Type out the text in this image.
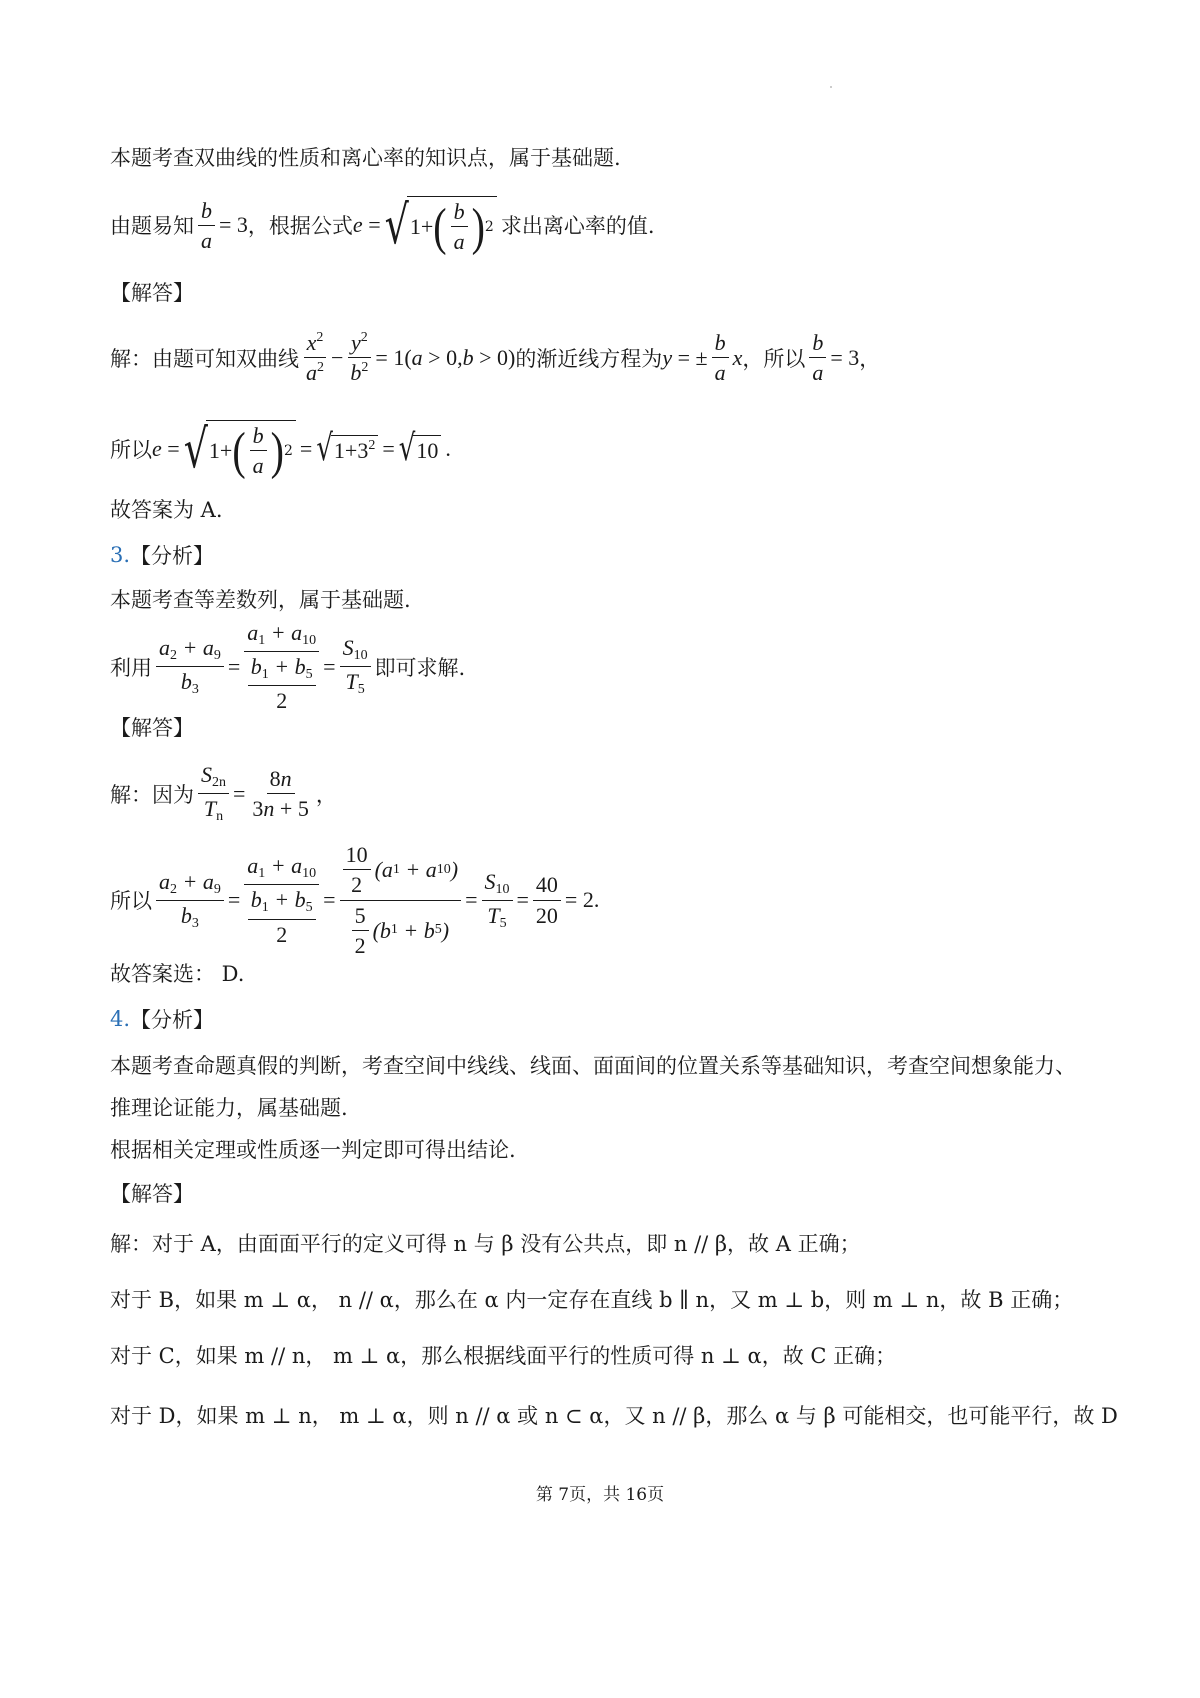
本题考查双曲线的性质和离心率的知识点，属于基础题.
由题易知 $\frac{b}{a} = 3$ ，根据公式 e = √ 1+ ( $\frac{b}{a}$ ) 2 求出离心率的值.
【解答】
解：由题可知双曲线 $\frac{x^2}{a^2} - \frac{y^2}{b^2} = 1(a > 0,b > 0)$ 的渐近线方程为 y = ± $\frac{b}{a}$ x ，所以 $\frac{b}{a} = 3$ ，
所以 e = √ 1+ ( $\frac{b}{a}$ ) 2 = √ $1+3^2$ = √ 10 .
故答案为 A.
3. 【分析】
本题考查等差数列，属于基础题.
利用 $\frac{a_2 + a_9}{b_3} = \frac{a_1 + a_{10}}{\frac{b_1 + b_5}{2}} = \frac{S_{10}}{T_5}$ 即可求解.
【解答】
解：因为 $\frac{S_{2n}}{T_n} = \frac{8n}{3n + 5}$ ，
所以 $\frac{a_2 + a_9}{b_3} = \frac{a_1 + a_{10}}{\frac{b_1 + b_5}{2}} = \frac{\frac{10}{2} (a 1 + a 10 )}{\frac{5}{2} (b 1 + b 5 )} = \frac{S_{10}}{T_5} = \frac{40}{20} = 2$.
故答案选： D.
4. 【分析】
本题考查命题真假的判断，考查空间中线线、线面、面面间的位置关系等基础知识，考查空间想象能力、
推理论证能力，属基础题.
根据相关定理或性质逐一判定即可得出结论.
【解答】
解：对于 A，由面面平行的定义可得 n 与 β 没有公共点，即 n // β，故 A 正确；
对于 B，如果 m ⊥ α， n // α，那么在 α 内一定存在直线 b ∥ n，又 m ⊥ b，则 m ⊥ n，故 B 正确；
对于 C，如果 m // n， m ⊥ α，那么根据线面平行的性质可得 n ⊥ α，故 C 正确；
对于 D，如果 m ⊥ n， m ⊥ α，则 n // α 或 n ⊂ α，又 n // β，那么 α 与 β 可能相交，也可能平行，故 D
第 7页，共 16页
